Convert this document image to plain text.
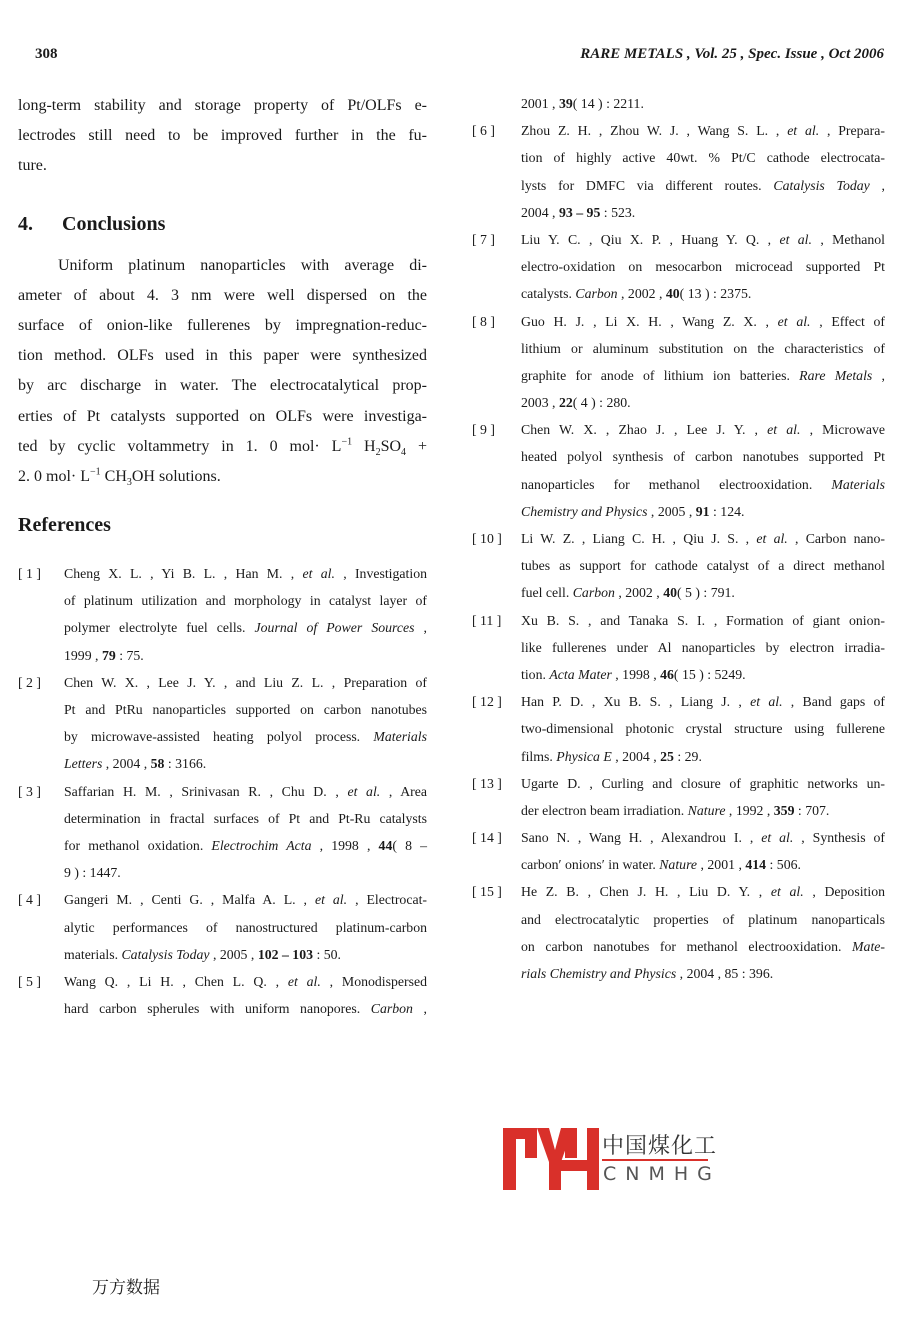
308	RARE METALS , Vol. 25 , Spec. Issue , Oct 2006

long-term stability and storage property of Pt/OLFs e-
lectrodes still need to be improved further in the fu-
ture.

4. Conclusions

Uniform platinum nanoparticles with average di-
ameter of about 4. 3 nm were well dispersed on the
surface of onion-like fullerenes by impregnation-reduc-
tion method. OLFs used in this paper were synthesized
by arc discharge in water. The electrocatalytical prop-
erties of Pt catalysts supported on OLFs were investiga-
ted by cyclic voltammetry in 1. 0 $mol\cdot L^{-1}$ $H_2SO_4$ +
2. 0 $mol\cdot L^{-1}$ $CH_3OH$ solutions.

References
[ 1 ] Cheng X. L. , Yi B. L. , Han M. , et al. , Investigation
of platinum utilization and morphology in catalyst layer of
polymer electrolyte fuel cells. Journal of Power Sources ,
1999 , 79 : 75.
[ 2 ] Chen W. X. , Lee J. Y. , and Liu Z. L. , Preparation of
Pt and PtRu nanoparticles supported on carbon nanotubes
by microwave-assisted heating polyol process. Materials
Letters , 2004 , 58 : 3166.
[ 3 ] Saffarian H. M. , Srinivasan R. , Chu D. , et al. , Area
determination in fractal surfaces of Pt and Pt-Ru catalysts
for methanol oxidation. Electrochim Acta , 1998 , 44( 8 –
9 ) : 1447.
[ 4 ] Gangeri M. , Centi G. , Malfa A. L. , et al. , Electrocat-
alytic performances of nanostructured platinum-carbon
materials. Catalysis Today , 2005 , 102 – 103 : 50.
[ 5 ] Wang Q. , Li H. , Chen L. Q. , et al. , Monodispersed
hard carbon spherules with uniform nanopores. Carbon ,
2001 , 39( 14 ) : 2211.
[ 6 ] Zhou Z. H. , Zhou W. J. , Wang S. L. , et al. , Prepara-
tion of highly active 40wt. % Pt/C cathode electrocata-
lysts for DMFC via different routes. Catalysis Today ,
2004 , 93 – 95 : 523.
[ 7 ] Liu Y. C. , Qiu X. P. , Huang Y. Q. , et al. , Methanol
electro-oxidation on mesocarbon microcead supported Pt
catalysts. Carbon , 2002 , 40( 13 ) : 2375.
[ 8 ] Guo H. J. , Li X. H. , Wang Z. X. , et al. , Effect of
lithium or aluminum substitution on the characteristics of
graphite for anode of lithium ion batteries. Rare Metals ,
2003 , 22( 4 ) : 280.
[ 9 ] Chen W. X. , Zhao J. , Lee J. Y. , et al. , Microwave
heated polyol synthesis of carbon nanotubes supported Pt
nanoparticles for methanol electrooxidation. Materials
Chemistry and Physics , 2005 , 91 : 124.
[ 10 ] Li W. Z. , Liang C. H. , Qiu J. S. , et al. , Carbon nano-
tubes as support for cathode catalyst of a direct methanol
fuel cell. Carbon , 2002 , 40( 5 ) : 791.
[ 11 ] Xu B. S. , and Tanaka S. I. , Formation of giant onion-
like fullerenes under Al nanoparticles by electron irradia-
tion. Acta Mater , 1998 , 46( 15 ) : 5249.
[ 12 ] Han P. D. , Xu B. S. , Liang J. , et al. , Band gaps of
two-dimensional photonic crystal structure using fullerene
films. Physica E , 2004 , 25 : 29.
[ 13 ] Ugarte D. , Curling and closure of graphitic networks un-
der electron beam irradiation. Nature , 1992 , 359 : 707.
[ 14 ] Sano N. , Wang H. , Alexandrou I. , et al. , Synthesis of
carbon′ onions′ in water. Nature , 2001 , 414 : 506.
[ 15 ] He Z. B. , Chen J. H. , Liu D. Y. , et al. , Deposition
and electrocatalytic properties of platinum nanoparticals
on carbon nanotubes for methanol electrooxidation. Mate-
rials Chemistry and Physics , 2004 , 85 : 396.
中国煤化工
CNMHG
万方数据
